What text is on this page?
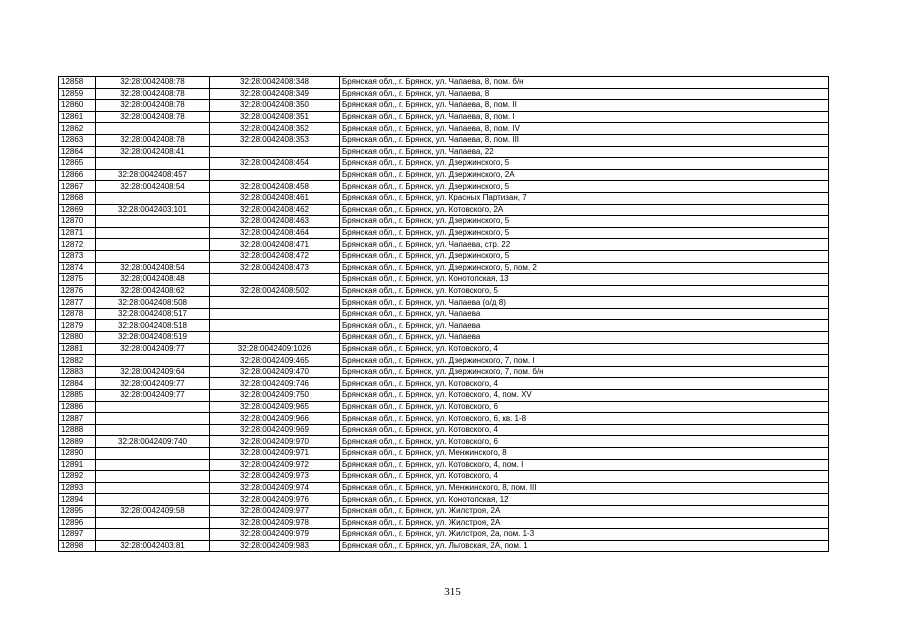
12858	32:28:0042408:78	32:28:0042408:348	Брянская обл., г. Брянск, ул. Чапаева, 8, пом. б/н
12859	32:28:0042408:78	32:28:0042408:349	Брянская обл., г. Брянск, ул. Чапаева, 8
12860	32:28:0042408:78	32:28:0042408:350	Брянская обл., г. Брянск, ул. Чапаева, 8, пом. II
12861	32:28:0042408:78	32:28:0042408:351	Брянская обл., г. Брянск, ул. Чапаева, 8, пом. I
12862		32:28:0042408:352	Брянская обл., г. Брянск, ул. Чапаева, 8, пом. IV
12863	32:28:0042408:78	32:28:0042408:353	Брянская обл., г. Брянск, ул. Чапаева, 8, пом. III
12864	32:28:0042408:41		Брянская обл., г. Брянск, ул. Чапаева, 22
12865		32:28:0042408:454	Брянская обл., г. Брянск, ул. Дзержинского, 5
12866	32:28:0042408:457		Брянская обл., г. Брянск, ул. Дзержинского, 2А
12867	32:28:0042408:54	32:28:0042408:458	Брянская обл., г. Брянск, ул. Дзержинского, 5
12868		32:28:0042408:461	Брянская обл., г. Брянск, ул. Красных Партизан, 7
12869	32:28:0042403:101	32:28:0042408:462	Брянская обл., г. Брянск, ул. Котовского, 2А
12870		32:28:0042408:463	Брянская обл., г. Брянск, ул. Дзержинского, 5
12871		32:28:0042408:464	Брянская обл., г. Брянск, ул. Дзержинского, 5
12872		32:28:0042408:471	Брянская обл., г. Брянск, ул. Чапаева, стр. 22
12873		32:28:0042408:472	Брянская обл., г. Брянск, ул. Дзержинского, 5
12874	32:28:0042408:54	32:28:0042408:473	Брянская обл., г. Брянск, ул. Дзержинского, 5, пом. 2
12875	32:28:0042408:48		Брянская обл., г. Брянск, ул. Конотопская, 13
12876	32:28:0042408:62	32:28:0042408:502	Брянская обл., г. Брянск, ул. Котовского, 5
12877	32:28:0042408:508		Брянская обл., г. Брянск, ул. Чапаева (о/д 8)
12878	32:28:0042408:517		Брянская обл., г. Брянск, ул. Чапаева
12879	32:28:0042408:518		Брянская обл., г. Брянск, ул. Чапаева
12880	32:28:0042408:519		Брянская обл., г. Брянск, ул. Чапаева
12881	32:28:0042409:77	32:28:0042409:1026	Брянская обл., г. Брянск, ул. Котовского, 4
12882		32:28:0042409:465	Брянская обл., г. Брянск, ул. Дзержинского, 7, пом. I
12883	32:28:0042409:64	32:28:0042409:470	Брянская обл., г. Брянск, ул. Дзержинского, 7, пом. б/н
12884	32:28:0042409:77	32:28:0042409:746	Брянская обл., г. Брянск, ул. Котовского, 4
12885	32:28:0042409:77	32:28:0042409:750	Брянская обл., г. Брянск, ул. Котовского, 4, пом. XV
12886		32:28:0042409:965	Брянская обл., г. Брянск, ул. Котовского, 6
12887		32:28:0042409:966	Брянская обл., г. Брянск, ул. Котовского, 6, кв. 1-8
12888		32:28:0042409:969	Брянская обл., г. Брянск, ул. Котовского, 4
12889	32:28:0042409:740	32:28:0042409:970	Брянская обл., г. Брянск, ул. Котовского, 6
12890		32:28:0042409:971	Брянская обл., г. Брянск, ул. Менжинского, 8
12891		32:28:0042409:972	Брянская обл., г. Брянск, ул. Котовского, 4, пом. I
12892		32:28:0042409:973	Брянская обл., г. Брянск, ул. Котовского, 4
12893		32:28:0042409:974	Брянская обл., г. Брянск, ул. Менжинского, 8, пом. III
12894		32:28:0042409:976	Брянская обл., г. Брянск, ул. Конотопская, 12
12895	32:28:0042409:58	32:28:0042409:977	Брянская обл., г. Брянск, ул. Жилстроя, 2А
12896		32:28:0042409:978	Брянская обл., г. Брянск, ул. Жилстроя, 2А
12897		32:28:0042409:979	Брянская обл., г. Брянск, ул. Жилстроя, 2а, пом. 1-3
12898	32:28:0042403:81	32:28:0042409:983	Брянская обл., г. Брянск, ул. Льговская, 2А, пом. 1
315
